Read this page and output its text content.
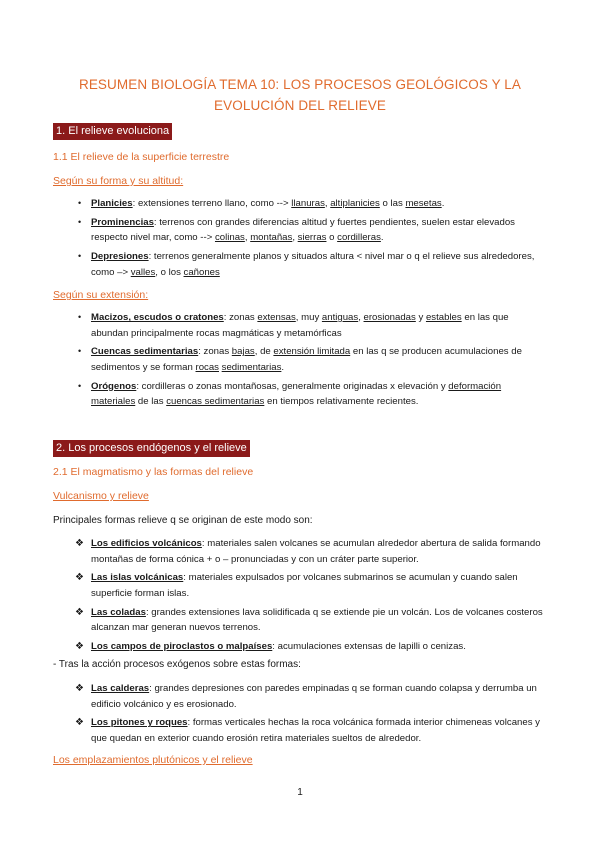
RESUMEN BIOLOGÍA TEMA 10: LOS PROCESOS GEOLÓGICOS Y LA EVOLUCIÓN DEL RELIEVE
1. El relieve evoluciona
1.1 El relieve de la superficie terrestre
Según su forma y su altitud:
• Planicies: extensiones terreno llano, como --> llanuras, altiplanicies o las mesetas.
• Prominencias: terrenos con grandes diferencias altitud y fuertes pendientes, suelen estar elevados respecto nivel mar, como --> colinas, montañas, sierras o cordilleras.
• Depresiones: terrenos generalmente planos y situados altura < nivel mar o q el relieve sus alrededores, como –> valles, o los cañones
Según su extensión:
• Macizos, escudos o cratones: zonas extensas, muy antiguas, erosionadas y estables en las que abundan principalmente rocas magmáticas y metamórficas
• Cuencas sedimentarias: zonas bajas, de extensión limitada en las q se producen acumulaciones de sedimentos y se forman rocas sedimentarias.
• Orógenos: cordilleras o zonas montañosas, generalmente originadas x elevación y deformación materiales de las cuencas sedimentarias en tiempos relativamente recientes.
2. Los procesos endógenos y el relieve
2.1 El magmatismo y las formas del relieve
Vulcanismo y relieve
Principales formas relieve q se originan de este modo son:
❖ Los edificios volcánicos: materiales salen volcanes se acumulan alrededor abertura de salida formando montañas de forma cónica + o – pronunciadas y con un cráter parte superior.
❖ Las islas volcánicas: materiales expulsados por volcanes submarinos se acumulan y cuando salen superficie forman islas.
❖ Las coladas: grandes extensiones lava solidificada q se extiende pie un volcán. Los de volcanes costeros alcanzan mar generan nuevos terrenos.
❖ Los campos de piroclastos o malpaíses: acumulaciones extensas de lapilli o cenizas.
- Tras la acción procesos exógenos sobre estas formas:
❖ Las calderas: grandes depresiones con paredes empinadas q se forman cuando colapsa y derrumba un edificio volcánico y es erosionado.
❖ Los pitones y roques: formas verticales hechas la roca volcánica formada interior chimeneas volcanes y que quedan en exterior cuando erosión retira materiales sueltos de alrededor.
Los emplazamientos plutónicos y el relieve
1
